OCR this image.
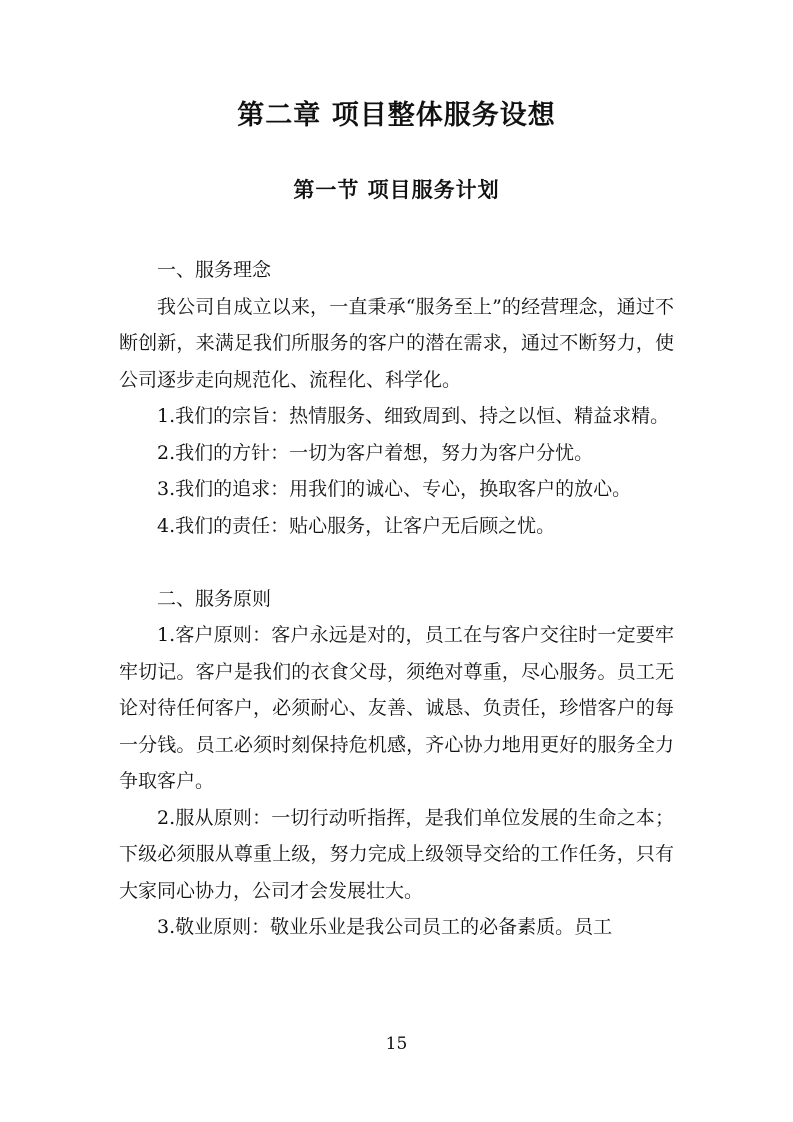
第二章 项目整体服务设想
第一节 项目服务计划

一、服务理念

我公司自成立以来，一直秉承“服务至上”的经营理念，通过不断创新，来满足我们所服务的客户的潜在需求，通过不断努力，使公司逐步走向规范化、流程化、科学化。

1.我们的宗旨：热情服务、细致周到、持之以恒、精益求精。

2.我们的方针：一切为客户着想，努力为客户分忧。

3.我们的追求：用我们的诚心、专心，换取客户的放心。

4.我们的责任：贴心服务，让客户无后顾之忧。

二、服务原则

1.客户原则：客户永远是对的，员工在与客户交往时一定要牢牢切记。客户是我们的衣食父母，须绝对尊重，尽心服务。员工无论对待任何客户，必须耐心、友善、诚恳、负责任，珍惜客户的每一分钱。员工必须时刻保持危机感，齐心协力地用更好的服务全力争取客户。

2.服从原则：一切行动听指挥，是我们单位发展的生命之本；下级必须服从尊重上级，努力完成上级领导交给的工作任务，只有大家同心协力，公司才会发展壮大。

3.敬业原则：敬业乐业是我公司员工的必备素质。员工

15
